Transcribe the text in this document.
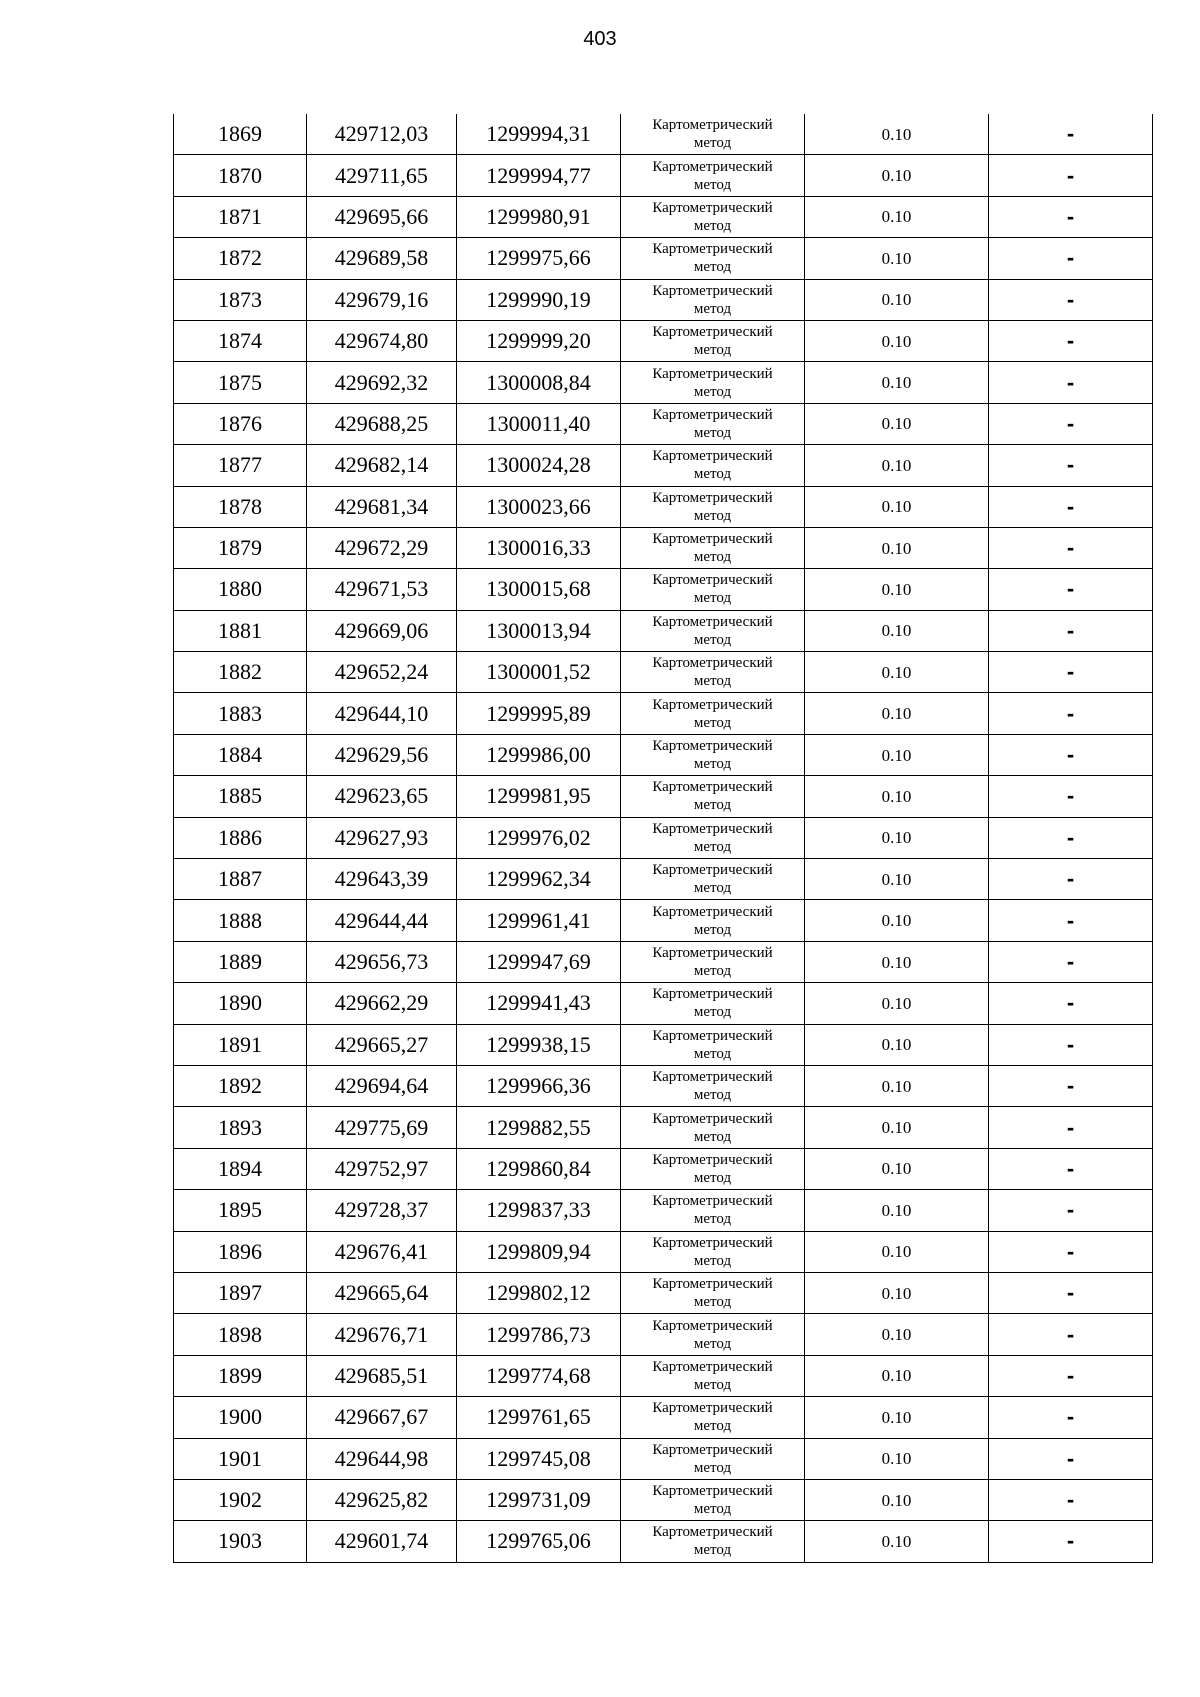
403
1869	429712,03	1299994,31	Картометрический
метод	0.10	-
1870	429711,65	1299994,77	Картометрический
метод	0.10	-
1871	429695,66	1299980,91	Картометрический
метод	0.10	-
1872	429689,58	1299975,66	Картометрический
метод	0.10	-
1873	429679,16	1299990,19	Картометрический
метод	0.10	-
1874	429674,80	1299999,20	Картометрический
метод	0.10	-
1875	429692,32	1300008,84	Картометрический
метод	0.10	-
1876	429688,25	1300011,40	Картометрический
метод	0.10	-
1877	429682,14	1300024,28	Картометрический
метод	0.10	-
1878	429681,34	1300023,66	Картометрический
метод	0.10	-
1879	429672,29	1300016,33	Картометрический
метод	0.10	-
1880	429671,53	1300015,68	Картометрический
метод	0.10	-
1881	429669,06	1300013,94	Картометрический
метод	0.10	-
1882	429652,24	1300001,52	Картометрический
метод	0.10	-
1883	429644,10	1299995,89	Картометрический
метод	0.10	-
1884	429629,56	1299986,00	Картометрический
метод	0.10	-
1885	429623,65	1299981,95	Картометрический
метод	0.10	-
1886	429627,93	1299976,02	Картометрический
метод	0.10	-
1887	429643,39	1299962,34	Картометрический
метод	0.10	-
1888	429644,44	1299961,41	Картометрический
метод	0.10	-
1889	429656,73	1299947,69	Картометрический
метод	0.10	-
1890	429662,29	1299941,43	Картометрический
метод	0.10	-
1891	429665,27	1299938,15	Картометрический
метод	0.10	-
1892	429694,64	1299966,36	Картометрический
метод	0.10	-
1893	429775,69	1299882,55	Картометрический
метод	0.10	-
1894	429752,97	1299860,84	Картометрический
метод	0.10	-
1895	429728,37	1299837,33	Картометрический
метод	0.10	-
1896	429676,41	1299809,94	Картометрический
метод	0.10	-
1897	429665,64	1299802,12	Картометрический
метод	0.10	-
1898	429676,71	1299786,73	Картометрический
метод	0.10	-
1899	429685,51	1299774,68	Картометрический
метод	0.10	-
1900	429667,67	1299761,65	Картометрический
метод	0.10	-
1901	429644,98	1299745,08	Картометрический
метод	0.10	-
1902	429625,82	1299731,09	Картометрический
метод	0.10	-
1903	429601,74	1299765,06	Картометрический
метод	0.10	-
